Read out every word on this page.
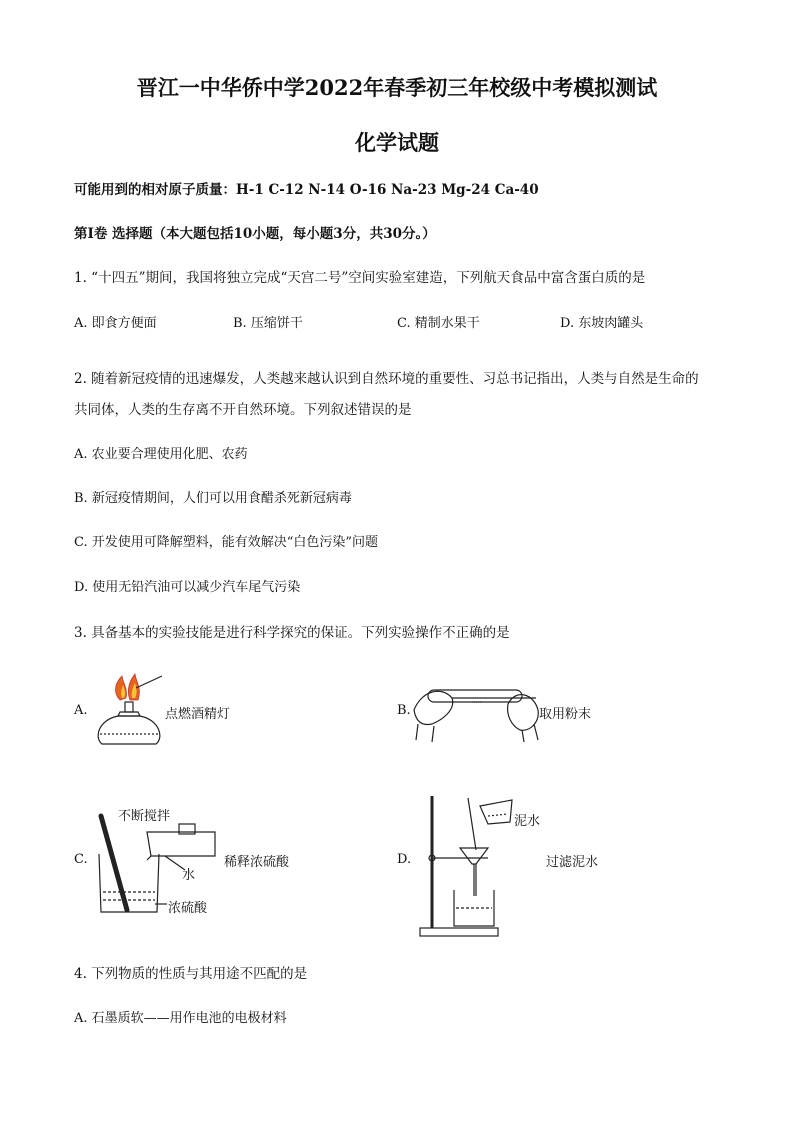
晋江一中华侨中学2022年春季初三年校级中考模拟测试
化学试题
可能用到的相对原子质量：H-1 C-12 N-14 O-16 Na-23 Mg-24 Ca-40
第Ⅰ卷 选择题（本大题包括10小题，每小题3分，共30分。）
1. “十四五”期间，我国将独立完成“天宫二号”空间实验室建造，下列航天食品中富含蛋白质的是
A. 即食方便面	B. 压缩饼干	C. 精制水果干	D. 东坡肉罐头
2. 随着新冠疫情的迅速爆发，人类越来越认识到自然环境的重要性、习总书记指出，人类与自然是生命的
共同体，人类的生存离不开自然环境。下列叙述错误的是
A. 农业要合理使用化肥、农药
B. 新冠疫情期间，人们可以用食醋杀死新冠病毒
C. 开发使用可降解塑料，能有效解决“白色污染”问题
D. 使用无铅汽油可以减少汽车尾气污染
3. 具备基本的实验技能是进行科学探究的保证。下列实验操作不正确的是
A.	点燃酒精灯	B.	取用粉末
C.
不断搅拌
稀释浓硫酸
水
浓硫酸
D.
泥水
过滤泥水
4. 下列物质的性质与其用途不匹配的是
A. 石墨质软——用作电池的电极材料
